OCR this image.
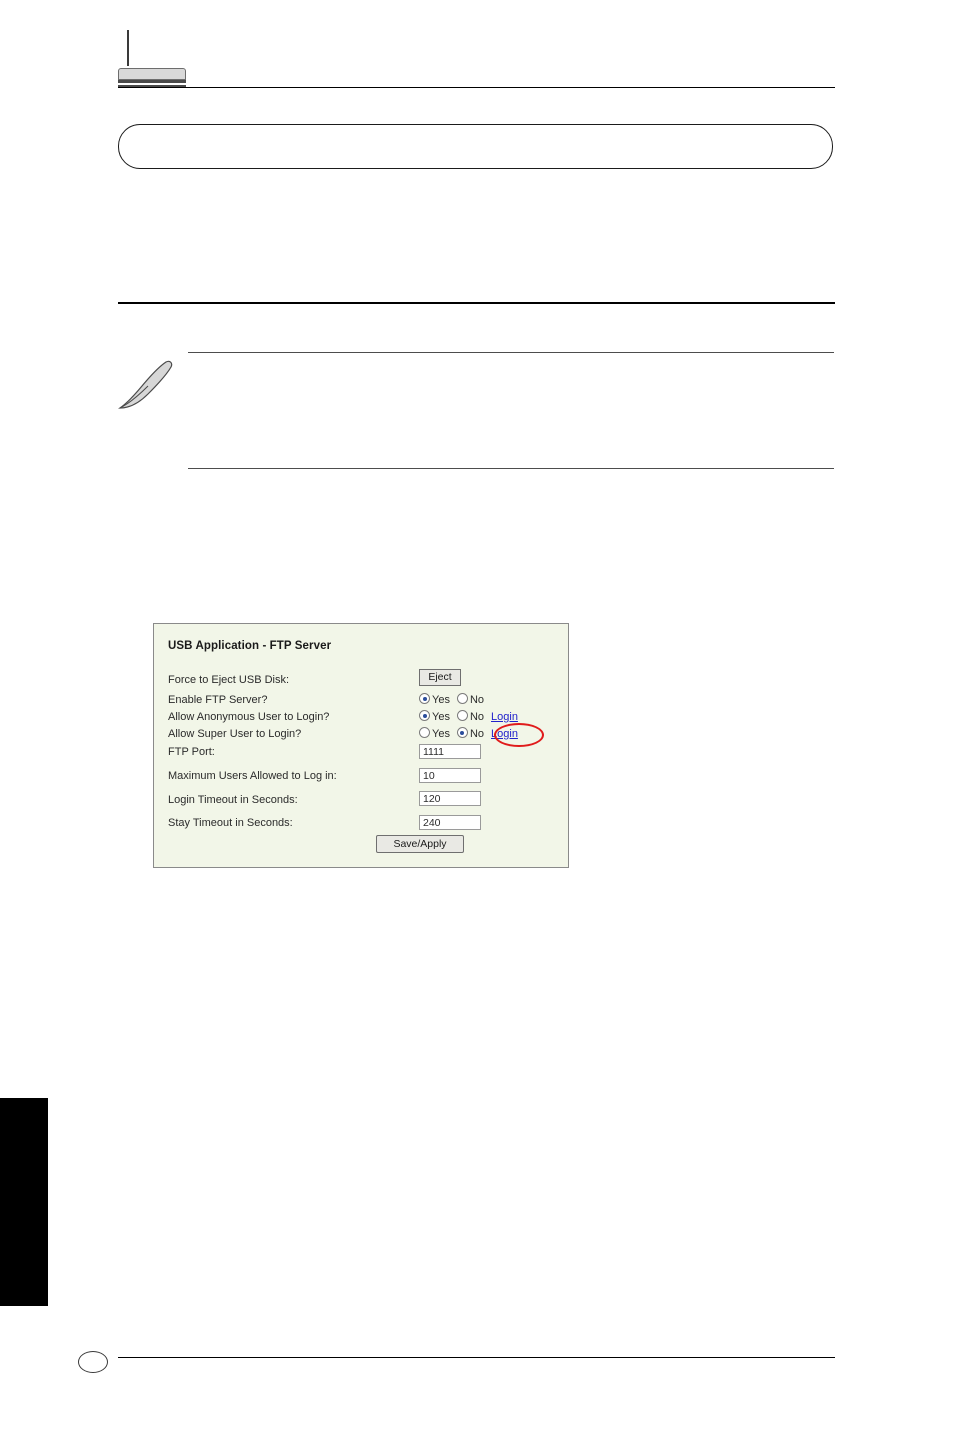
USB Application - FTP Server
Force to Eject USB Disk:
Enable FTP Server?
Allow Anonymous User to Login?
Allow Super User to Login?
FTP Port:
Maximum Users Allowed to Log in:
Login Timeout in Seconds:
Stay Timeout in Seconds:
Eject
Yes No
Yes No Login
Yes No Login
1111
10
120
240
Save/Apply
